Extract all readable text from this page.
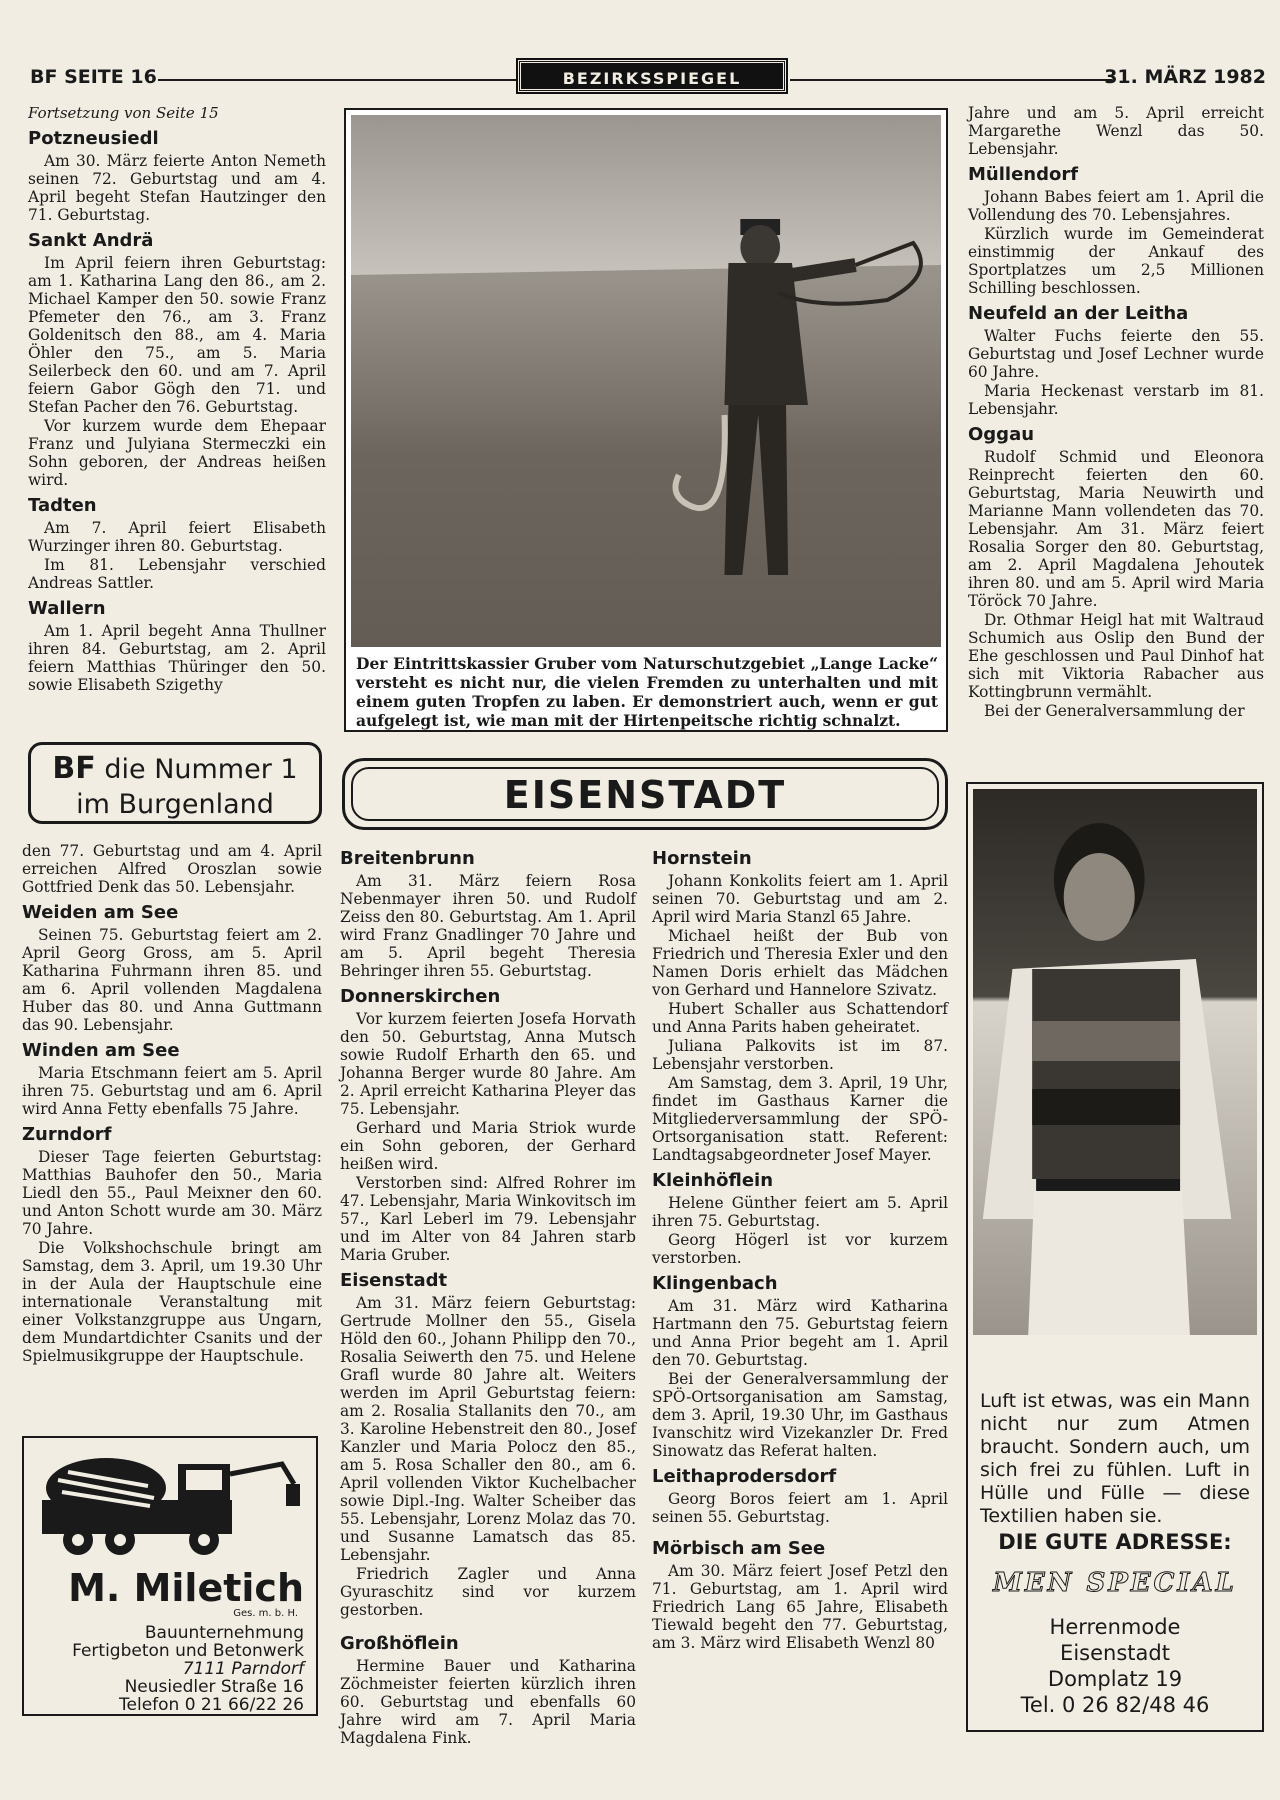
BF SEITE 16	BEZIRKSSPIEGEL	31. MÄRZ 1982
Fortsetzung von Seite 15
Potzneusiedl

Am 30. März feierte Anton Nemeth seinen 72. Geburtstag und am 4. April begeht Stefan Hautzinger den 71. Geburtstag.

Sankt Andrä

Im April feiern ihren Geburtstag: am 1. Katharina Lang den 86., am 2. Michael Kamper den 50. sowie Franz Pfemeter den 76., am 3. Franz Goldenitsch den 88., am 4. Maria Öhler den 75., am 5. Maria Seilerbeck den 60. und am 7. April feiern Gabor Gögh den 71. und Stefan Pacher den 76. Geburtstag.

Vor kurzem wurde dem Ehepaar Franz und Julyiana Stermeczki ein Sohn geboren, der Andreas heißen wird.

Tadten

Am 7. April feiert Elisabeth Wurzinger ihren 80. Geburtstag.

Im 81. Lebensjahr verschied Andreas Sattler.

Wallern

Am 1. April begeht Anna Thullner ihren 84. Geburtstag, am 2. April feiern Matthias Thüringer den 50. sowie Elisabeth Szigethy

BF die Nummer 1
im Burgenland

den 77. Geburtstag und am 4. April erreichen Alfred Oroszlan sowie Gottfried Denk das 50. Lebensjahr.

Weiden am See

Seinen 75. Geburtstag feiert am 2. April Georg Gross, am 5. April Katharina Fuhrmann ihren 85. und am 6. April vollenden Magdalena Huber das 80. und Anna Guttmann das 90. Lebensjahr.

Winden am See

Maria Etschmann feiert am 5. April ihren 75. Geburtstag und am 6. April wird Anna Fetty ebenfalls 75 Jahre.

Zurndorf

Dieser Tage feierten Geburtstag: Matthias Bauhofer den 50., Maria Liedl den 55., Paul Meixner den 60. und Anton Schott wurde am 30. März 70 Jahre.

Die Volkshochschule bringt am Samstag, dem 3. April, um 19.30 Uhr in der Aula der Hauptschule eine internationale Veranstaltung mit einer Volkstanzgruppe aus Ungarn, dem Mundartdichter Csanits und der Spielmusikgruppe der Hauptschule.

M. Miletich
Ges. m. b. H.
Bauunternehmung
Fertigbeton und Betonwerk
7111 Parndorf
Neusiedler Straße 16
Telefon 0 21 66/22 26
Der Eintrittskassier Gruber vom Naturschutzgebiet „Lange Lacke“ versteht es nicht nur, die vielen Fremden zu unterhalten und mit einem guten Tropfen zu laben. Er demonstriert auch, wenn er gut aufgelegt ist, wie man mit der Hirtenpeitsche richtig schnalzt.
EISENSTADT
Breitenbrunn

Am 31. März feiern Rosa Nebenmayer ihren 50. und Rudolf Zeiss den 80. Geburtstag. Am 1. April wird Franz Gnadlinger 70 Jahre und am 5. April begeht Theresia Behringer ihren 55. Geburtstag.

Donnerskirchen

Vor kurzem feierten Josefa Horvath den 50. Geburtstag, Anna Mutsch sowie Rudolf Erharth den 65. und Johanna Berger wurde 80 Jahre. Am 2. April erreicht Katharina Pleyer das 75. Lebensjahr.

Gerhard und Maria Striok wurde ein Sohn geboren, der Gerhard heißen wird.

Verstorben sind: Alfred Rohrer im 47. Lebensjahr, Maria Winkovitsch im 57., Karl Leberl im 79. Lebensjahr und im Alter von 84 Jahren starb Maria Gruber.

Eisenstadt

Am 31. März feiern Geburtstag: Gertrude Mollner den 55., Gisela Höld den 60., Johann Philipp den 70., Rosalia Seiwerth den 75. und Helene Grafl wurde 80 Jahre alt. Weiters werden im April Geburtstag feiern: am 2. Rosalia Stallanits den 70., am 3. Karoline Hebenstreit den 80., Josef Kanzler und Maria Polocz den 85., am 5. Rosa Schaller den 80., am 6. April vollenden Viktor Kuchelbacher sowie Dipl.-Ing. Walter Scheiber das 55. Lebensjahr, Lorenz Molaz das 70. und Susanne Lamatsch das 85. Lebensjahr.

Friedrich Zagler und Anna Gyuraschitz sind vor kurzem gestorben.

Großhöflein

Hermine Bauer und Katharina Zöchmeister feierten kürzlich ihren 60. Geburtstag und ebenfalls 60 Jahre wird am 7. April Maria Magdalena Fink.

Hornstein

Johann Konkolits feiert am 1. April seinen 70. Geburtstag und am 2. April wird Maria Stanzl 65 Jahre.

Michael heißt der Bub von Friedrich und Theresia Exler und den Namen Doris erhielt das Mädchen von Gerhard und Hannelore Szivatz.

Hubert Schaller aus Schattendorf und Anna Parits haben geheiratet.

Juliana Palkovits ist im 87. Lebensjahr verstorben.

Am Samstag, dem 3. April, 19 Uhr, findet im Gasthaus Karner die Mitgliederversammlung der SPÖ-Ortsorganisation statt. Referent: Landtagsabgeordneter Josef Mayer.

Kleinhöflein

Helene Günther feiert am 5. April ihren 75. Geburtstag.

Georg Högerl ist vor kurzem verstorben.

Klingenbach

Am 31. März wird Katharina Hartmann den 75. Geburtstag feiern und Anna Prior begeht am 1. April den 70. Geburtstag.

Bei der Generalversammlung der SPÖ-Ortsorganisation am Samstag, dem 3. April, 19.30 Uhr, im Gasthaus Ivanschitz wird Vizekanzler Dr. Fred Sinowatz das Referat halten.

Leithaprodersdorf

Georg Boros feiert am 1. April seinen 55. Geburtstag.

Mörbisch am See

Am 30. März feiert Josef Petzl den 71. Geburtstag, am 1. April wird Friedrich Lang 65 Jahre, Elisabeth Tiewald begeht den 77. Geburtstag, am 3. März wird Elisabeth Wenzl 80

Jahre und am 5. April erreicht Margarethe Wenzl das 50. Lebensjahr.

Müllendorf

Johann Babes feiert am 1. April die Vollendung des 70. Lebensjahres.

Kürzlich wurde im Gemeinderat einstimmig der Ankauf des Sportplatzes um 2,5 Millionen Schilling beschlossen.

Neufeld an der Leitha

Walter Fuchs feierte den 55. Geburtstag und Josef Lechner wurde 60 Jahre.

Maria Heckenast verstarb im 81. Lebensjahr.

Oggau

Rudolf Schmid und Eleonora Reinprecht feierten den 60. Geburtstag, Maria Neuwirth und Marianne Mann vollendeten das 70. Lebensjahr. Am 31. März feiert Rosalia Sorger den 80. Geburtstag, am 2. April Magdalena Jehoutek ihren 80. und am 5. April wird Maria Töröck 70 Jahre.

Dr. Othmar Heigl hat mit Waltraud Schumich aus Oslip den Bund der Ehe geschlossen und Paul Dinhof hat sich mit Viktoria Rabacher aus Kottingbrunn vermählt.

Bei der Generalversammlung der

Luft ist etwas, was ein Mann nicht nur zum Atmen braucht. Sondern auch, um sich frei zu fühlen. Luft in Hülle und Fülle — diese Textilien haben sie.
DIE GUTE ADRESSE:
MEN SPECIAL
Herrenmode
Eisenstadt
Domplatz 19
Tel. 0 26 82/48 46
